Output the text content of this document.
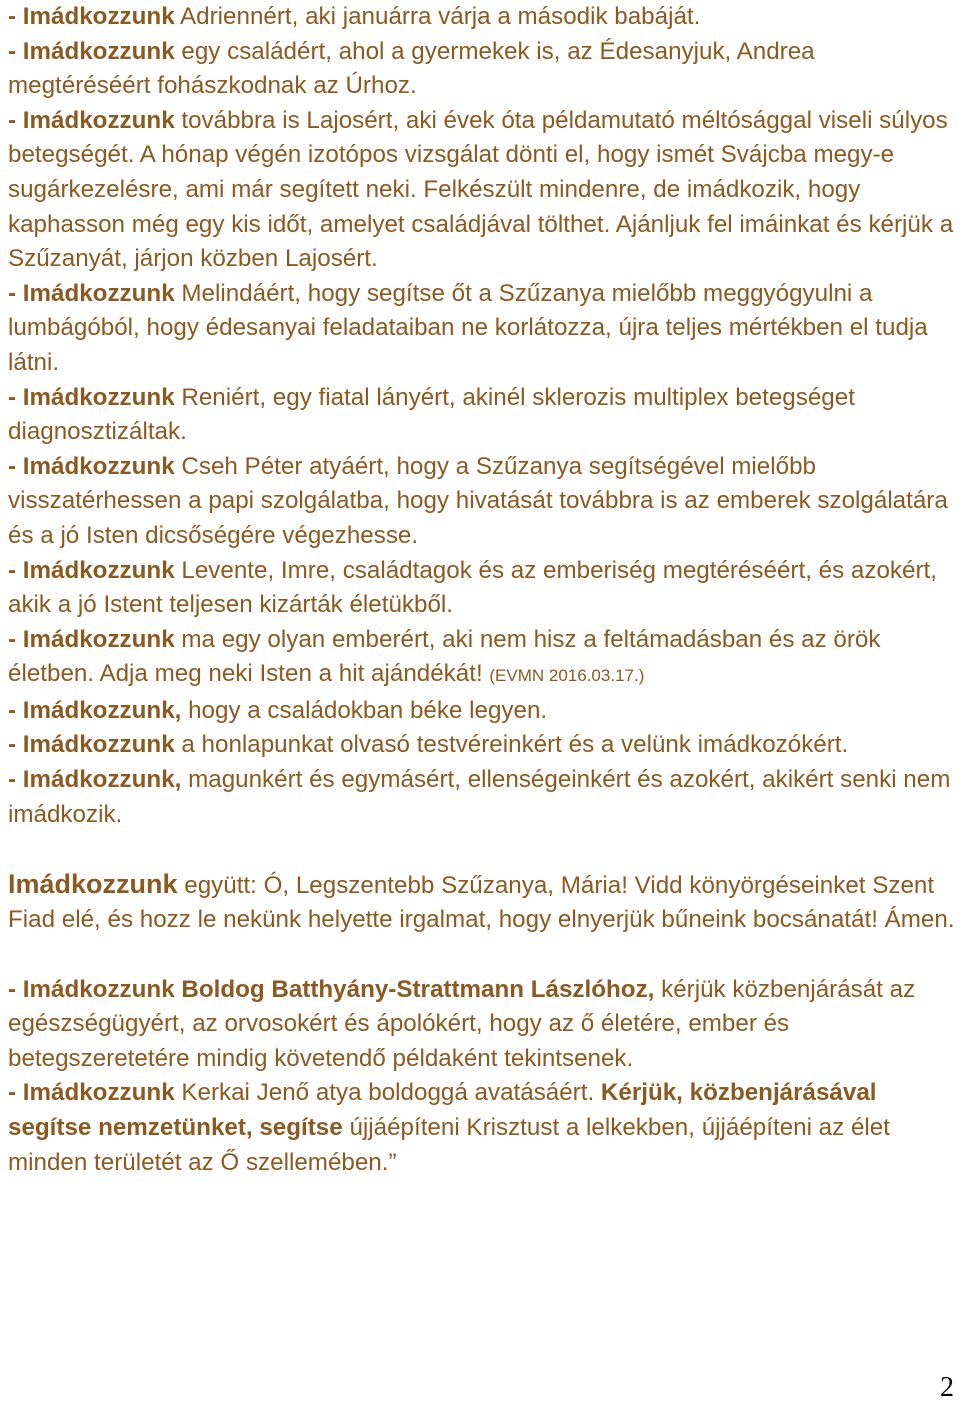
- Imádkozzunk Adriennért, aki januárra várja a második babáját.

- Imádkozzunk egy családért, ahol a gyermekek is, az Édesanyjuk, Andrea megtéréséért fohászkodnak az Úrhoz.

- Imádkozzunk továbbra is Lajosért, aki évek óta példamutató méltósággal viseli súlyos betegségét. A hónap végén izotópos vizsgálat dönti el, hogy ismét Svájcba megy-e sugárkezelésre, ami már segített neki. Felkészült mindenre, de imádkozik, hogy kaphasson még egy kis időt, amelyet családjával tölthet. Ajánljuk fel imáinkat és kérjük a Szűzanyát, járjon közben Lajosért.

- Imádkozzunk Melindáért, hogy segítse őt a Szűzanya mielőbb meggyógyulni a lumbágóból, hogy édesanyai feladataiban ne korlátozza, újra teljes mértékben el tudja látni.

- Imádkozzunk Reniért, egy fiatal lányért, akinél sklerozis multiplex betegséget diagnosztizáltak.

- Imádkozzunk Cseh Péter atyáért, hogy a Szűzanya segítségével mielőbb visszatérhessen a papi szolgálatba, hogy hivatását továbbra is az emberek szolgálatára és a jó Isten dicsőségére végezhesse.

- Imádkozzunk Levente, Imre, családtagok és az emberiség megtéréséért, és azokért, akik a jó Istent teljesen kizárták életükből.

- Imádkozzunk ma egy olyan emberért, aki nem hisz a feltámadásban és az örök életben. Adja meg neki Isten a hit ajándékát! (EVMN 2016.03.17.)

- Imádkozzunk, hogy a családokban béke legyen.

- Imádkozzunk a honlapunkat olvasó testvéreinkért és a velünk imádkozókért.

- Imádkozzunk, magunkért és egymásért, ellenségeinkért és azokért, akikért senki nem imádkozik.

Imádkozzunk együtt: Ó, Legszentebb Szűzanya, Mária! Vidd könyörgéseinket Szent Fiad elé, és hozz le nekünk helyette irgalmat, hogy elnyerjük bűneink bocsánatát! Ámen.

- Imádkozzunk Boldog Batthyány-Strattmann Lászlóhoz, kérjük közbenjárását az egészségügyért, az orvosokért és ápolókért, hogy az ő életére, ember és betegszeretetére mindig követendő példaként tekintsenek.

- Imádkozzunk Kerkai Jenő atya boldoggá avatásáért. Kérjük, közbenjárásával segítse nemzetünket, segítse újjáépíteni Krisztust a lelkekben, újjáépíteni az élet minden területét az Ő szellemében.”

2
